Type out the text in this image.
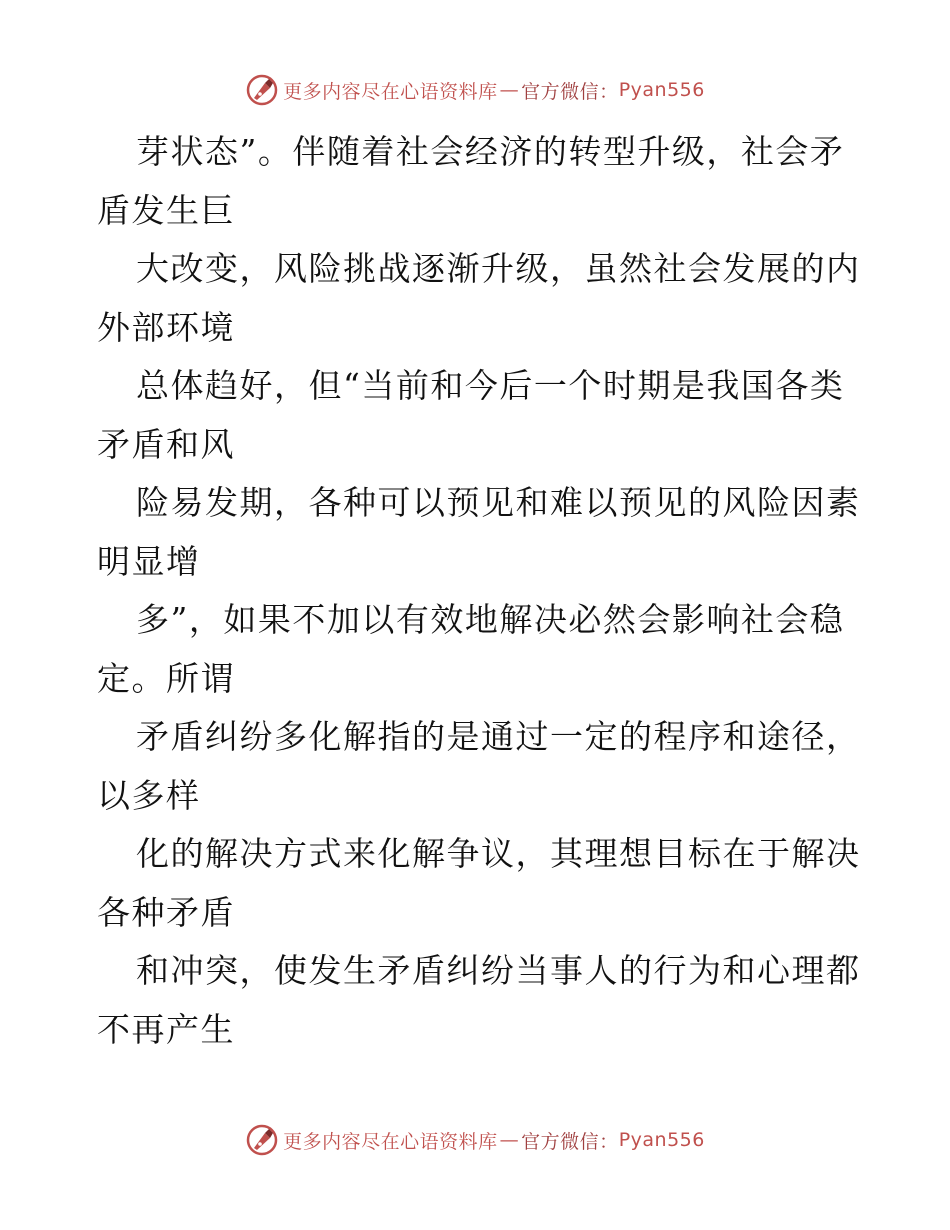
更多内容尽在心语资料库 — 官方微信： Pyan556

芽状态”。伴随着社会经济的转型升级，社会矛
盾发生巨

大改变，风险挑战逐渐升级，虽然社会发展的内
外部环境

总体趋好，但“当前和今后一个时期是我国各类
矛盾和风

险易发期，各种可以预见和难以预见的风险因素
明显增

多”，如果不加以有效地解决必然会影响社会稳
定。所谓

矛盾纠纷多化解指的是通过一定的程序和途径，
以多样

化的解决方式来化解争议，其理想目标在于解决
各种矛盾

和冲突，使发生矛盾纠纷当事人的行为和心理都
不再产生

更多内容尽在心语资料库 — 官方微信： Pyan556
